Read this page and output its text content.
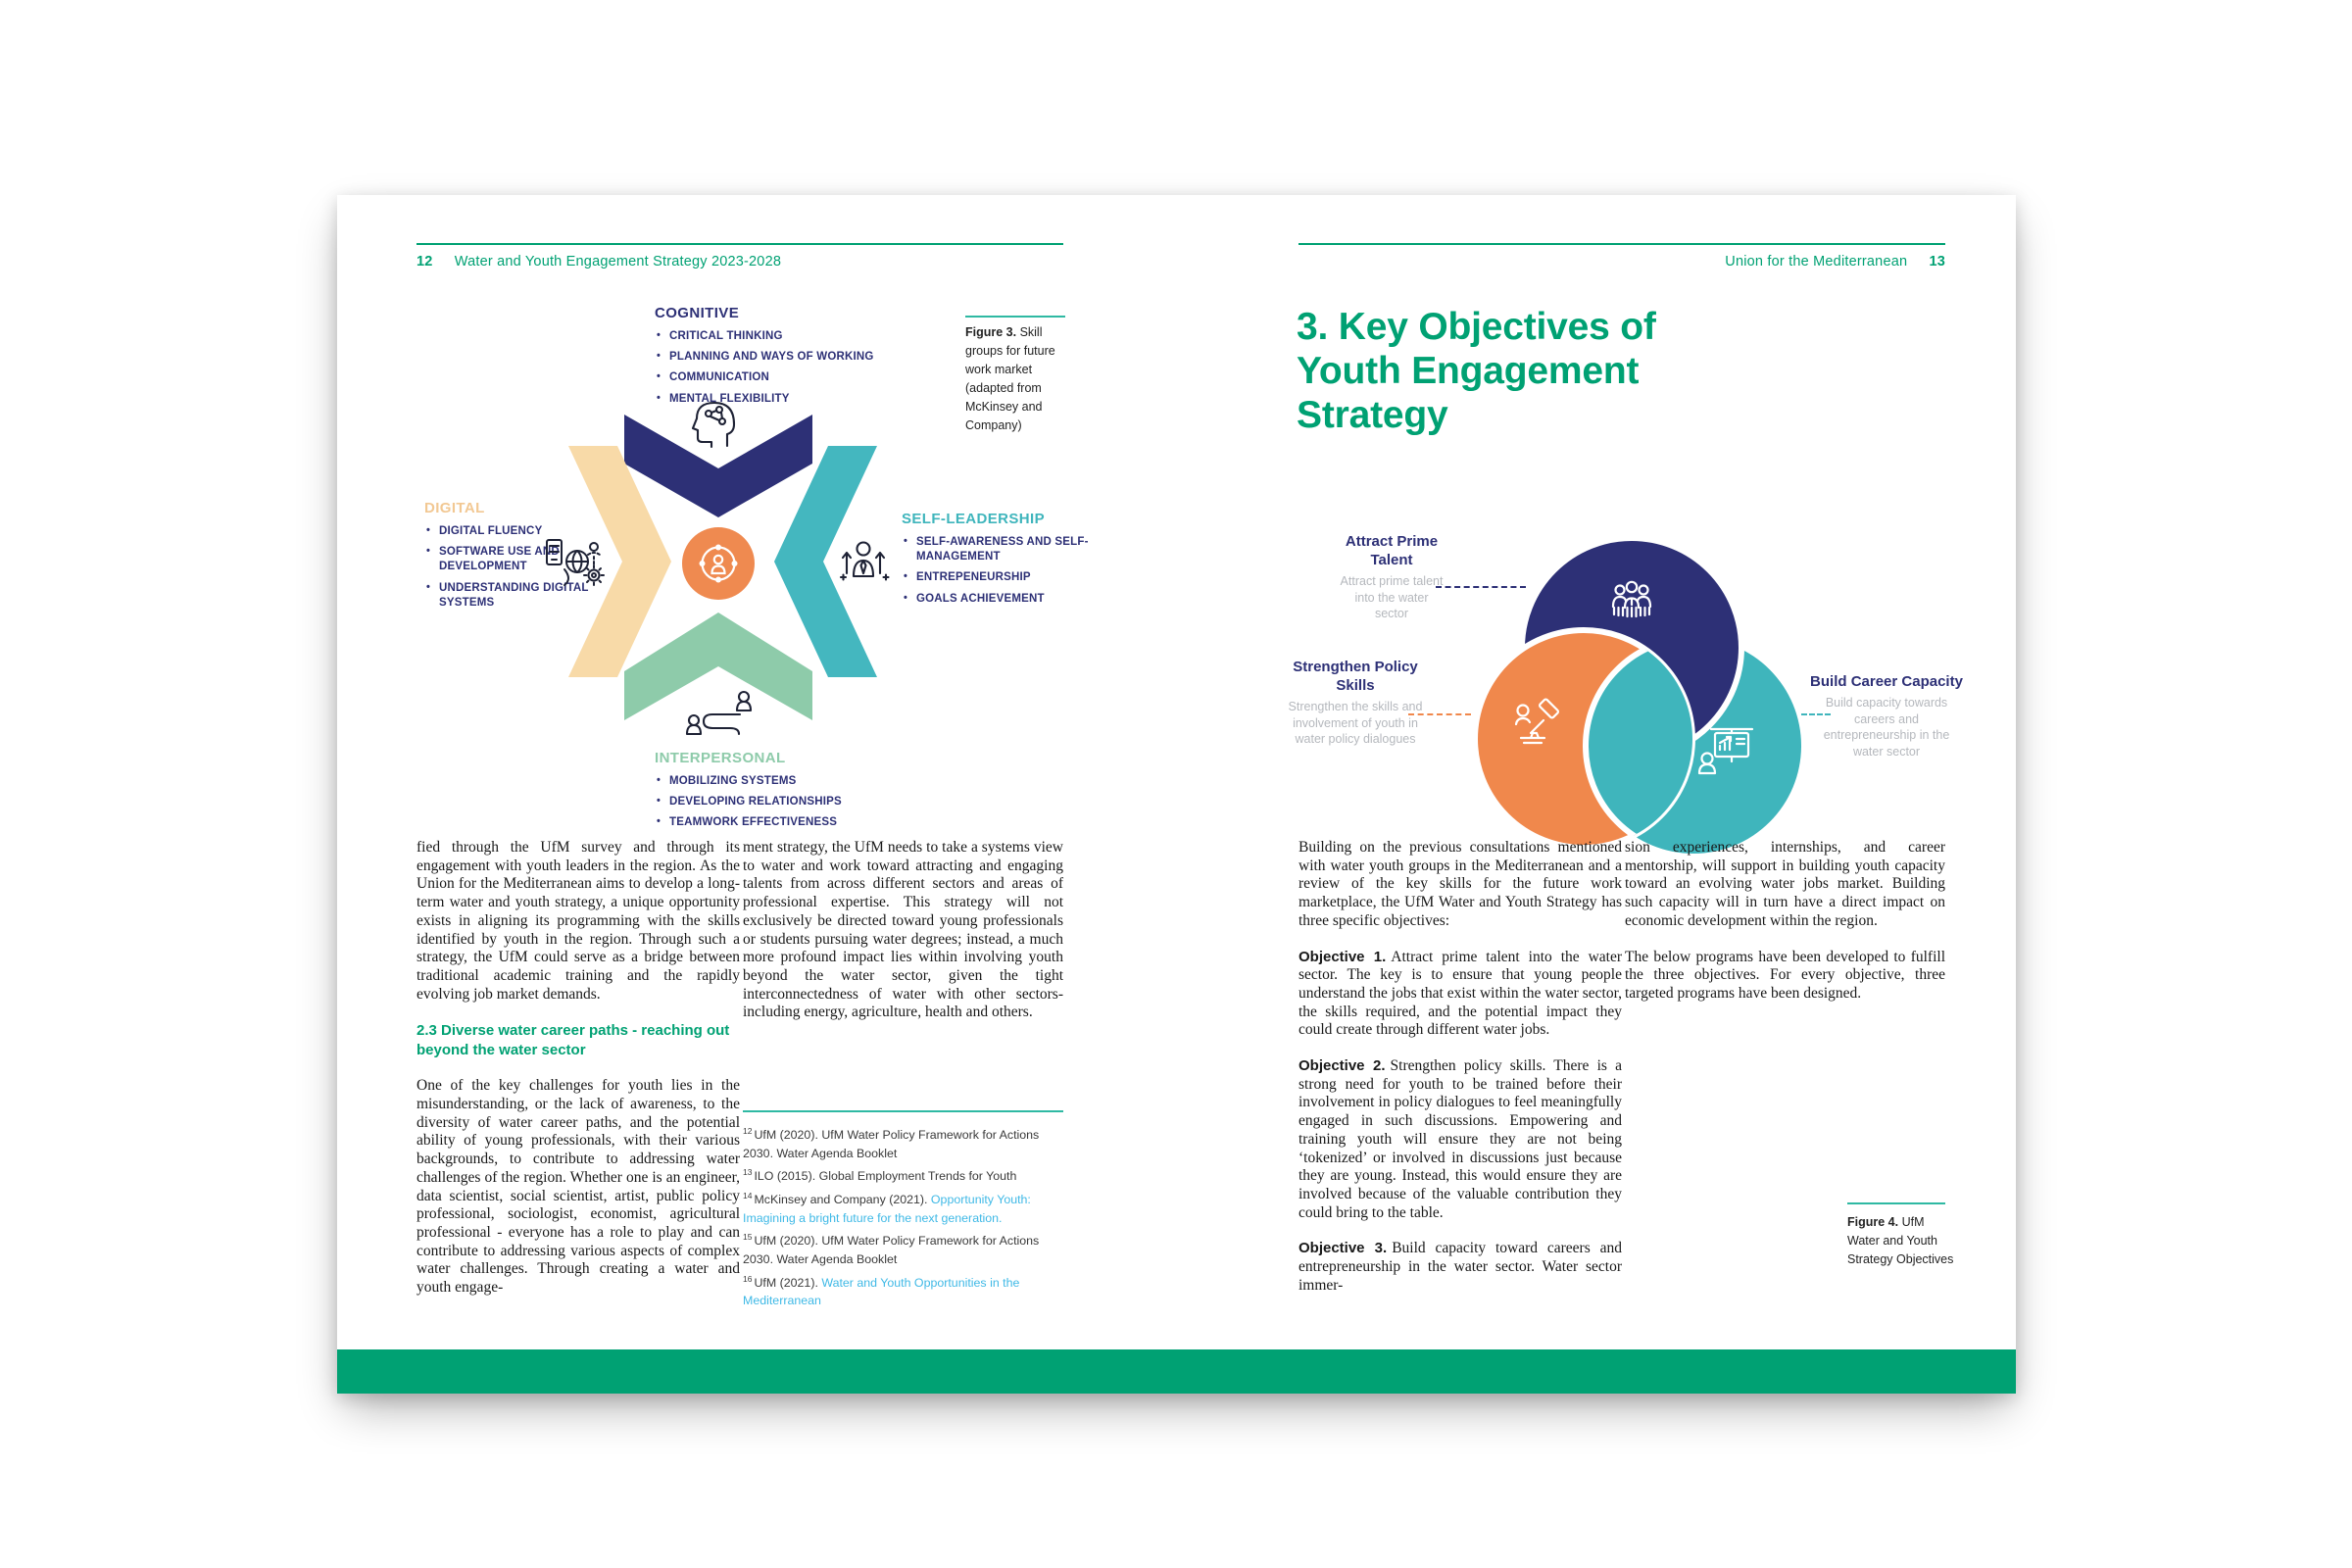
12 Water and Youth Engagement Strategy 2023-2028
COGNITIVE
• CRITICAL THINKING
• PLANNING AND WAYS OF WORKING
• COMMUNICATION
• MENTAL FLEXIBILITY
Figure 3. Skill groups for future work market (adapted from McKinsey and Company)
DIGITAL
• DIGITAL FLUENCY
• SOFTWARE USE AND DEVELOPMENT
• UNDERSTANDING DIGITAL SYSTEMS
SELF-LEADERSHIP
• SELF-AWARENESS AND SELF-MANAGEMENT
• ENTREPENEURSHIP
• GOALS ACHIEVEMENT
INTERPERSONAL
• MOBILIZING SYSTEMS
• DEVELOPING RELATIONSHIPS
• TEAMWORK EFFECTIVENESS

fied through the UfM survey and through its engagement with youth leaders in the region. As the Union for the Mediterranean aims to develop a long-term water and youth strategy, a unique opportunity exists in aligning its programming with the skills identified by youth in the region. Through such a strategy, the UfM could serve as a bridge between traditional academic training and the rapidly evolving job market demands.

2.3 Diverse water career paths - reaching out beyond the water sector

One of the key challenges for youth lies in the misunderstanding, or the lack of awareness, to the diversity of water career paths, and the potential ability of young professionals, with their various backgrounds, to contribute to addressing water challenges of the region. Whether one is an engineer, data scientist, social scientist, artist, public policy professional, sociologist, economist, agricultural professional - everyone has a role to play and can contribute to addressing various aspects of complex water challenges. Through creating a water and youth engage-

ment strategy, the UfM needs to take a systems view to water and work toward attracting and engaging talents from across different sectors and areas of professional expertise. This strategy will not exclusively be directed toward young professionals or students pursuing water degrees; instead, a much more profound impact lies within involving youth beyond the water sector, given the tight interconnectedness of water with other sectors- including energy, agriculture, health and others.

$^{12}$ UfM (2020). UfM Water Policy Framework for Actions 2030. Water Agenda Booklet
$^{13}$ ILO (2015). Global Employment Trends for Youth
$^{14}$ McKinsey and Company (2021). Opportunity Youth: Imagining a bright future for the next generation.
$^{15}$ UfM (2020). UfM Water Policy Framework for Actions 2030. Water Agenda Booklet
$^{16}$ UfM (2021). Water and Youth Opportunities in the Mediterranean
Union for the Mediterranean 13
3. Key Objectives of Youth Engagement Strategy
Attract Prime Talent
Attract prime talent into the water sector
Strengthen Policy Skills
Strengthen the skills and involvement of youth in water policy dialogues
Build Career Capacity
Build capacity towards careers and entrepreneurship in the water sector

Building on the previous consultations mentioned with water youth groups in the Mediterranean and a review of the key skills for the future work marketplace, the UfM Water and Youth Strategy has three specific objectives:

Objective 1. Attract prime talent into the water sector. The key is to ensure that young people understand the jobs that exist within the water sector, the skills required, and the potential impact they could create through different water jobs.

Objective 2. Strengthen policy skills. There is a strong need for youth to be trained before their involvement in policy dialogues to feel meaningfully engaged in such discussions. Empowering and training youth will ensure they are not being ‘tokenized’ or involved in discussions just because they are young. Instead, this would ensure they are involved because of the valuable contribution they could bring to the table.

Objective 3. Build capacity toward careers and entrepreneurship in the water sector. Water sector immer-

sion experiences, internships, and career mentorship, will support in building youth capacity toward an evolving water jobs market. Building such capacity will in turn have a direct impact on economic development within the region.

The below programs have been developed to fulfill the three objectives. For every objective, three targeted programs have been designed.

Figure 4. UfM Water and Youth Strategy Objectives
